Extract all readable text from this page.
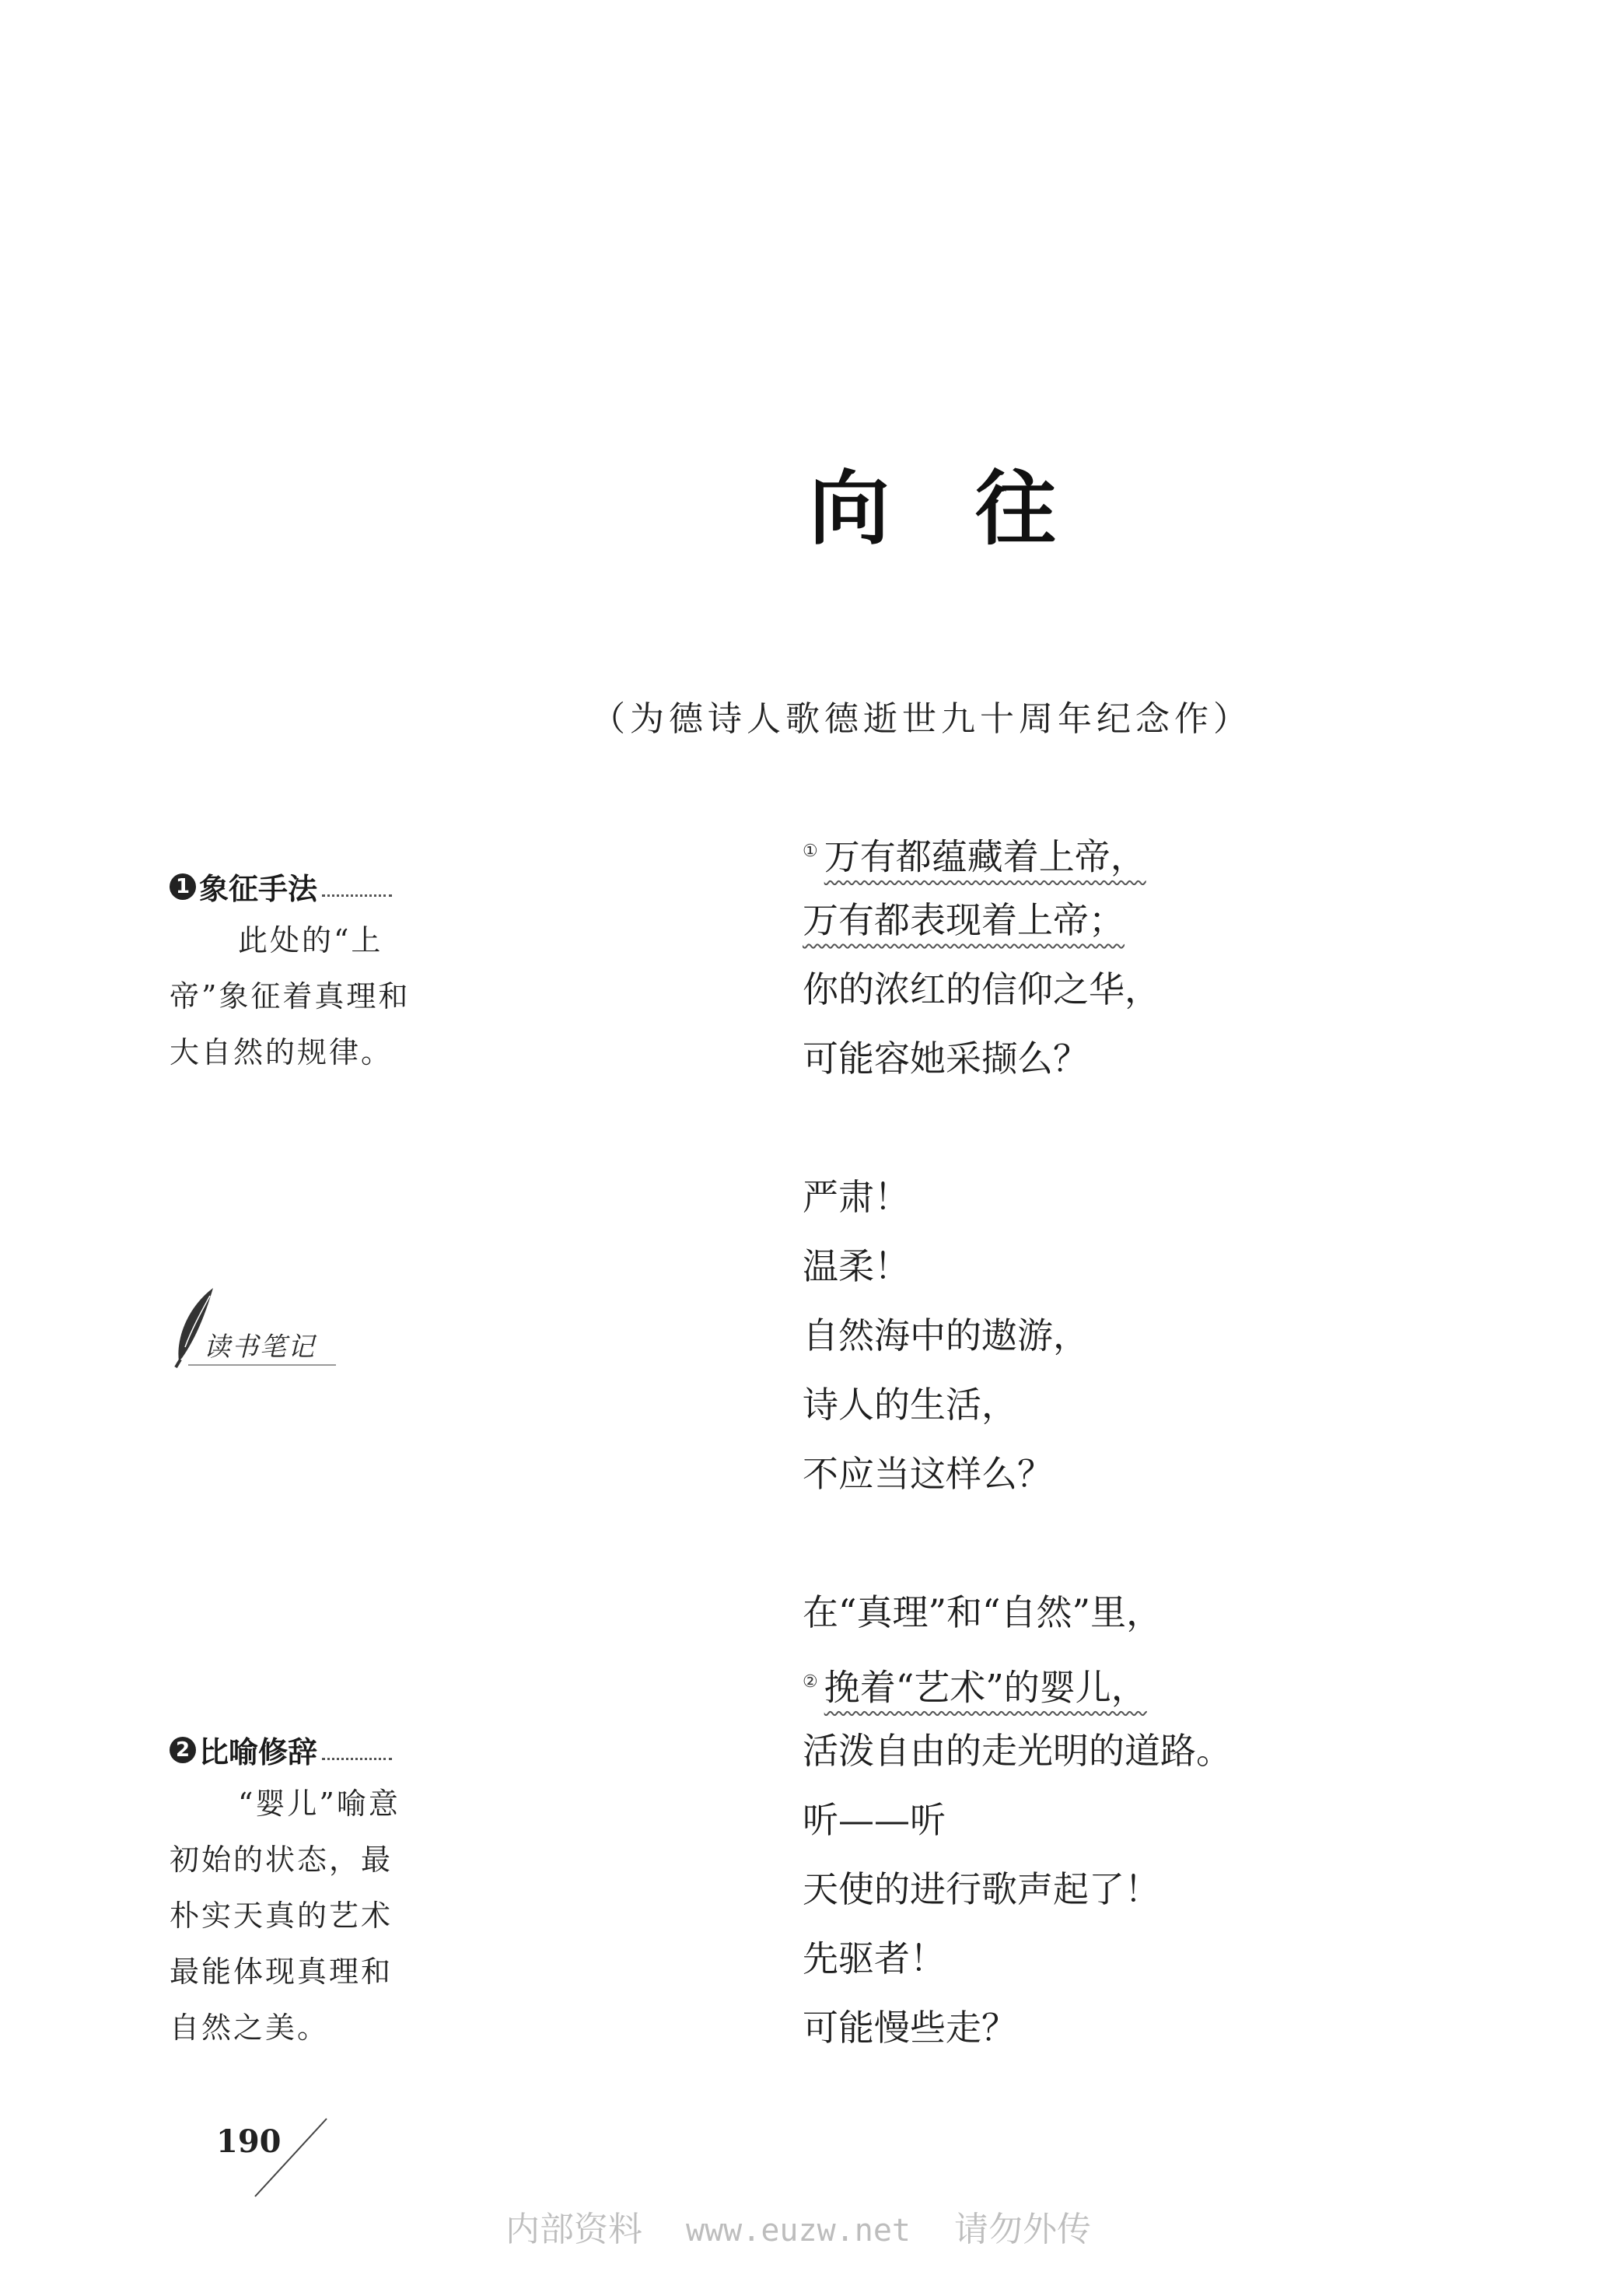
向往
（为德诗人歌德逝世九十周年纪念作）
① 万有都蕴藏着上帝，
万有都表现着上帝；
你的浓红的信仰之华，
可能容她采撷么？
严肃！
温柔！
自然海中的遨游，
诗人的生活，
不应当这样么？
在“真理”和“自然”里，
② 挽着“艺术”的婴儿，
活泼自由的走光明的道路。
听——听
天使的进行歌声起了！
先驱者！
可能慢些走？
1 象征手法
此处的“上帝”象征着真理和大自然的规律。
读书笔记
2 比喻修辞
“婴儿”喻意初始的状态，最朴实天真的艺术最能体现真理和自然之美。
190
内部资料 www.euzw.net 请勿外传
